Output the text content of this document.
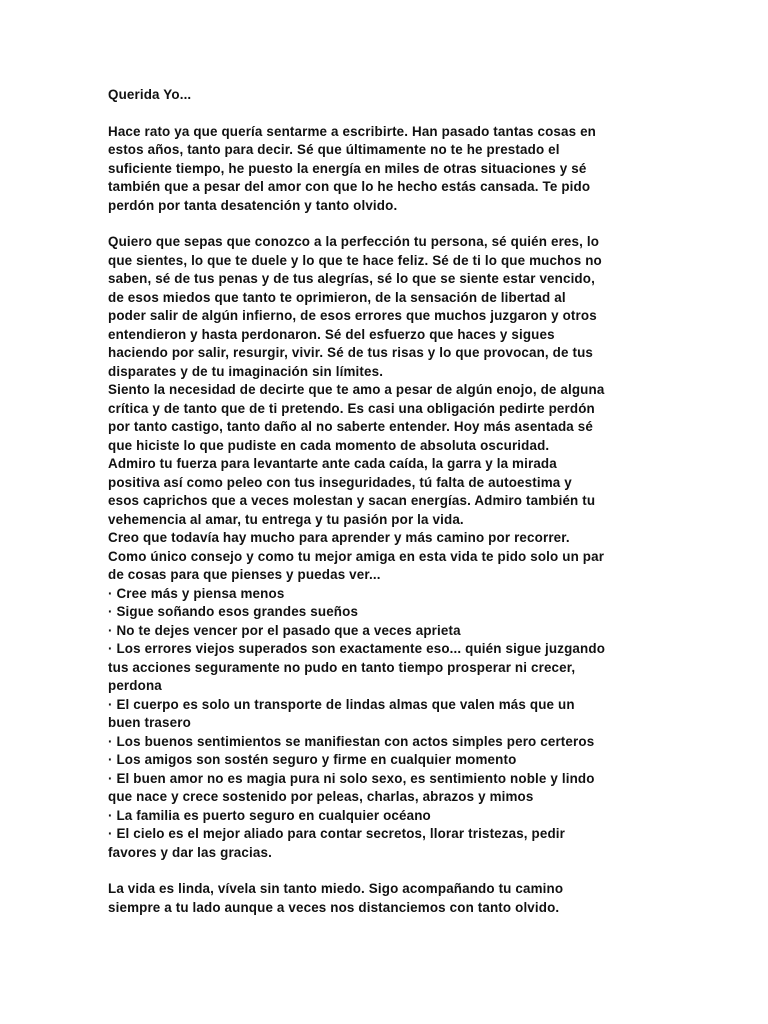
Querida Yo...
Hace rato ya que quería sentarme a escribirte. Han pasado tantas cosas en
estos años, tanto para decir. Sé que últimamente no te he prestado el
suficiente tiempo, he puesto la energía en miles de otras situaciones y sé
también que a pesar del amor con que lo he hecho estás cansada. Te pido
perdón por tanta desatención y tanto olvido.
Quiero que sepas que conozco a la perfección tu persona, sé quién eres, lo
que sientes, lo que te duele y lo que te hace feliz. Sé de ti lo que muchos no
saben, sé de tus penas y de tus alegrías, sé lo que se siente estar vencido,
de esos miedos que tanto te oprimieron, de la sensación de libertad al
poder salir de algún infierno, de esos errores que muchos juzgaron y otros
entendieron y hasta perdonaron. Sé del esfuerzo que haces y sigues
haciendo por salir, resurgir, vivir. Sé de tus risas y lo que provocan, de tus
disparates y de tu imaginación sin límites.
Siento la necesidad de decirte que te amo a pesar de algún enojo, de alguna
crítica y de tanto que de ti pretendo. Es casi una obligación pedirte perdón
por tanto castigo, tanto daño al no saberte entender. Hoy más asentada sé
que hiciste lo que pudiste en cada momento de absoluta oscuridad.
Admiro tu fuerza para levantarte ante cada caída, la garra y la mirada
positiva así como peleo con tus inseguridades, tú falta de autoestima y
esos caprichos que a veces molestan y sacan energías. Admiro también tu
vehemencia al amar, tu entrega y tu pasión por la vida.
Creo que todavía hay mucho para aprender y más camino por recorrer.
Como único consejo y como tu mejor amiga en esta vida te pido solo un par
de cosas para que pienses y puedas ver...
· Cree más y piensa menos
· Sigue soñando esos grandes sueños
· No te dejes vencer por el pasado que a veces aprieta
· Los errores viejos superados son exactamente eso... quién sigue juzgando
tus acciones seguramente no pudo en tanto tiempo prosperar ni crecer,
perdona
· El cuerpo es solo un transporte de lindas almas que valen más que un
buen trasero
· Los buenos sentimientos se manifiestan con actos simples pero certeros
· Los amigos son sostén seguro y firme en cualquier momento
· El buen amor no es magia pura ni solo sexo, es sentimiento noble y lindo
que nace y crece sostenido por peleas, charlas, abrazos y mimos
· La familia es puerto seguro en cualquier océano
· El cielo es el mejor aliado para contar secretos, llorar tristezas, pedir
favores y dar las gracias.
La vida es linda, vívela sin tanto miedo. Sigo acompañando tu camino
siempre a tu lado aunque a veces nos distanciemos con tanto olvido.
